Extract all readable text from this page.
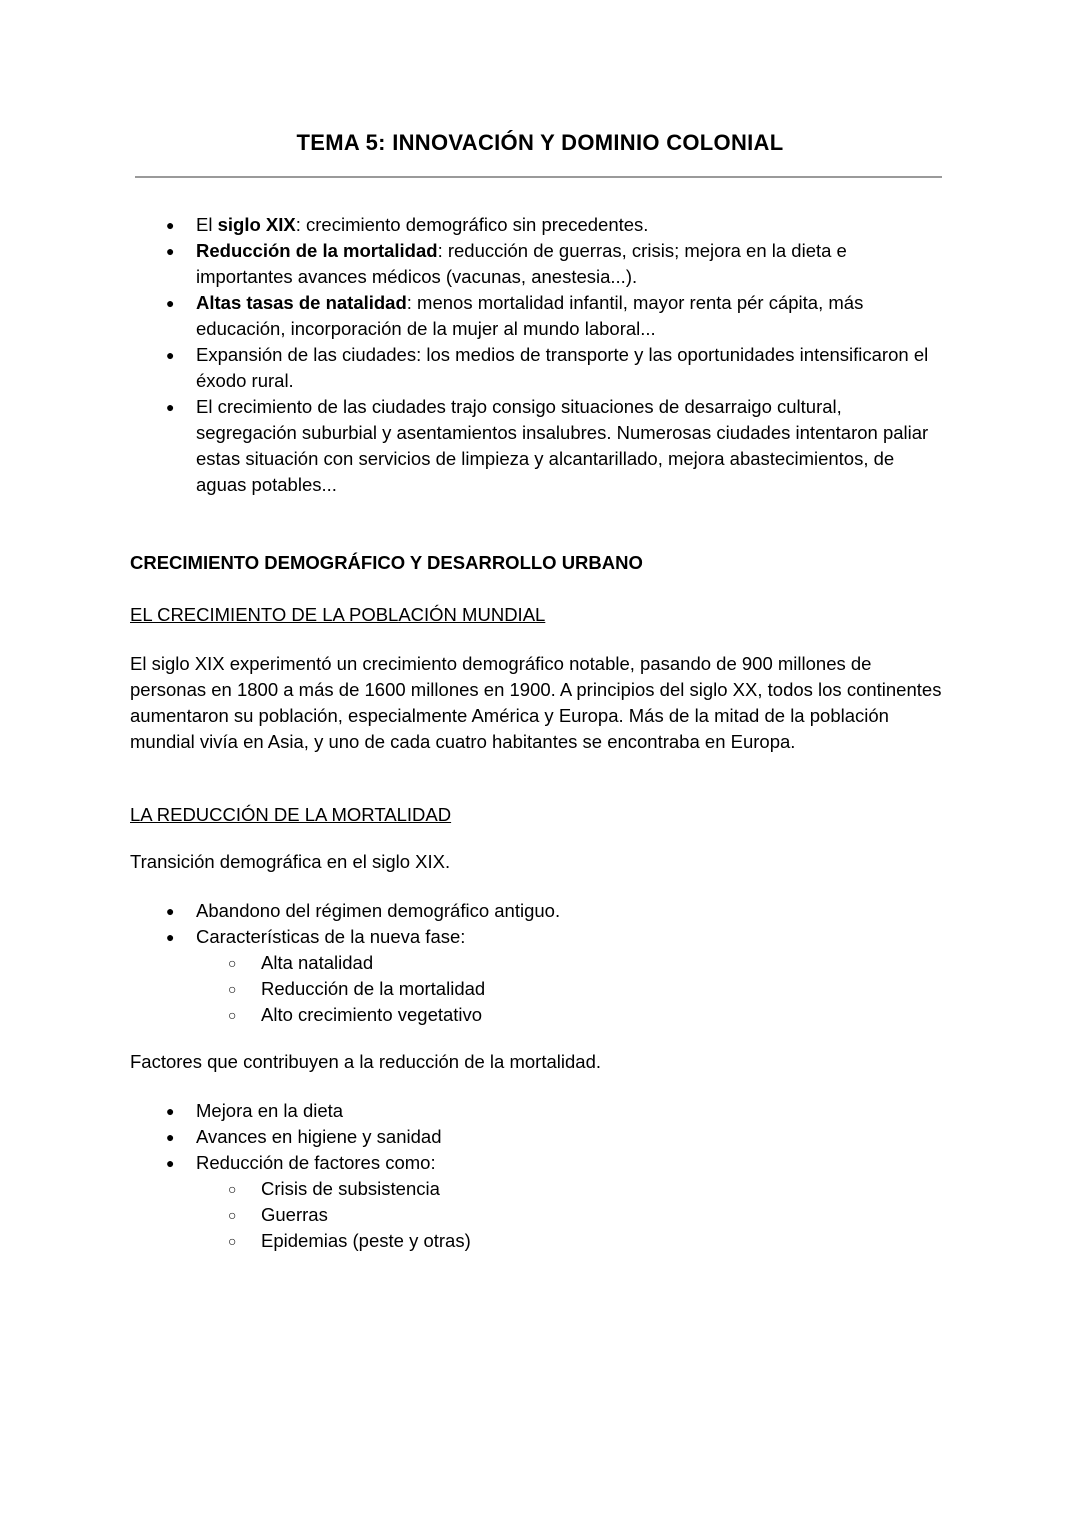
TEMA 5: INNOVACIÓN Y DOMINIO COLONIAL
● El siglo XIX: crecimiento demográfico sin precedentes.
● Reducción de la mortalidad: reducción de guerras, crisis; mejora en la dieta e importantes avances médicos (vacunas, anestesia...).
● Altas tasas de natalidad: menos mortalidad infantil, mayor renta pér cápita, más educación, incorporación de la mujer al mundo laboral...
● Expansión de las ciudades: los medios de transporte y las oportunidades intensificaron el éxodo rural.
● El crecimiento de las ciudades trajo consigo situaciones de desarraigo cultural, segregación suburbial y asentamientos insalubres. Numerosas ciudades intentaron paliar estas situación con servicios de limpieza y alcantarillado, mejora abastecimientos, de aguas potables...
CRECIMIENTO DEMOGRÁFICO Y DESARROLLO URBANO
EL CRECIMIENTO DE LA POBLACIÓN MUNDIAL
El siglo XIX experimentó un crecimiento demográfico notable, pasando de 900 millones de personas en 1800 a más de 1600 millones en 1900. A principios del siglo XX, todos los continentes aumentaron su población, especialmente América y Europa. Más de la mitad de la población mundial vivía en Asia, y uno de cada cuatro habitantes se encontraba en Europa.
LA REDUCCIÓN DE LA MORTALIDAD
Transición demográfica en el siglo XIX.
● Abandono del régimen demográfico antiguo.
● Características de la nueva fase:
○ Alta natalidad
○ Reducción de la mortalidad
○ Alto crecimiento vegetativo
Factores que contribuyen a la reducción de la mortalidad.
● Mejora en la dieta
● Avances en higiene y sanidad
● Reducción de factores como:
○ Crisis de subsistencia
○ Guerras
○ Epidemias (peste y otras)
